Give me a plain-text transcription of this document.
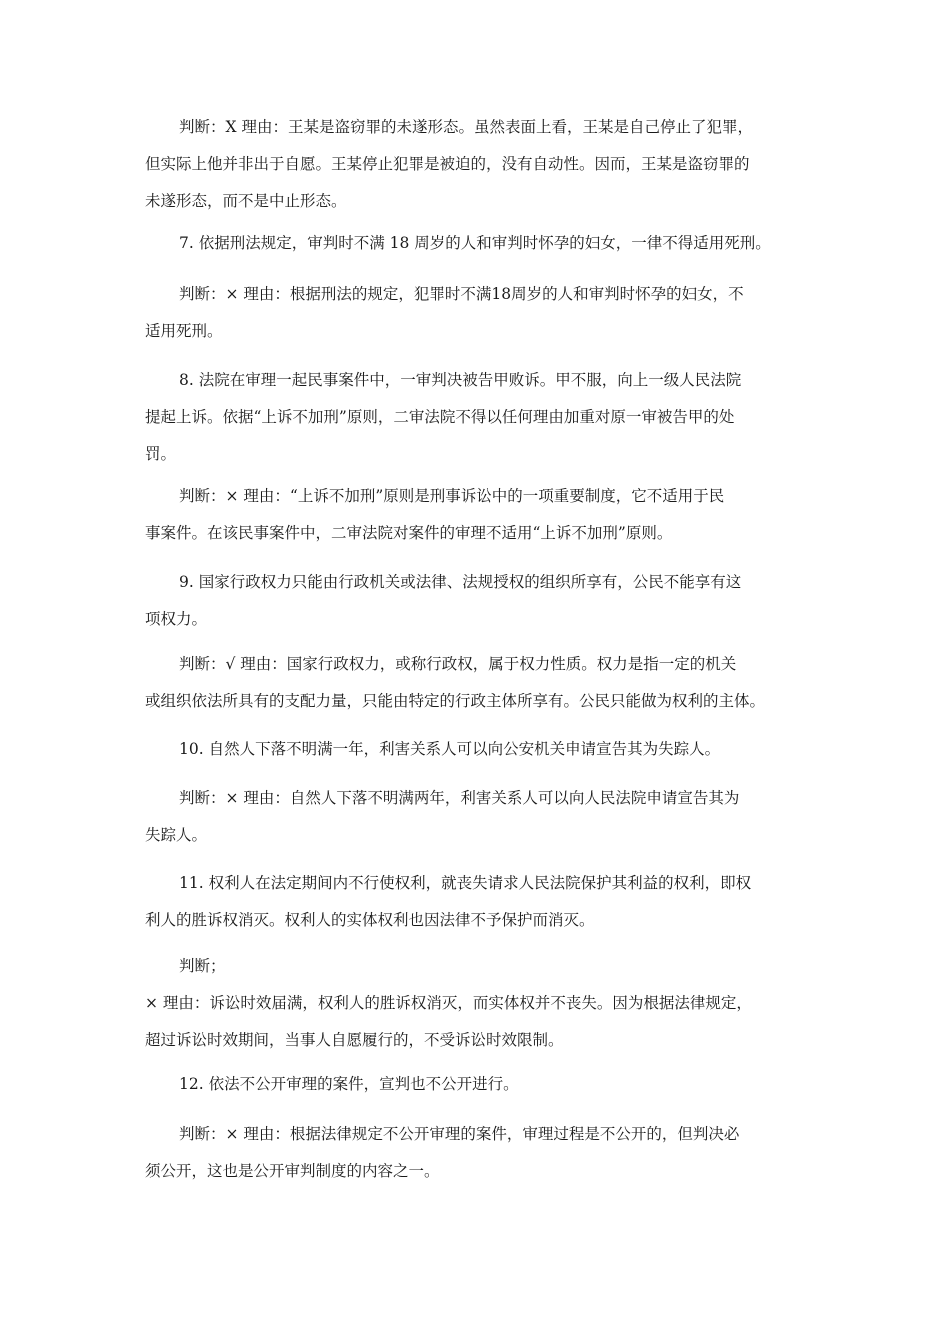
判断：X 理由：王某是盗窃罪的未遂形态。虽然表面上看，王某是自己停止了犯罪，
但实际上他并非出于自愿。王某停止犯罪是被迫的，没有自动性。因而，王某是盗窃罪的
未遂形态，而不是中止形态。
7. 依据刑法规定，审判时不满 18 周岁的人和审判时怀孕的妇女，一律不得适用死刑。
判断：× 理由：根据刑法的规定，犯罪时不满18周岁的人和审判时怀孕的妇女，不
适用死刑。
8. 法院在审理一起民事案件中，一审判决被告甲败诉。甲不服，向上一级人民法院
提起上诉。依据“上诉不加刑”原则，二审法院不得以任何理由加重对原一审被告甲的处
罚。
判断：× 理由：“上诉不加刑”原则是刑事诉讼中的一项重要制度，它不适用于民
事案件。在该民事案件中，二审法院对案件的审理不适用“上诉不加刑”原则。
9. 国家行政权力只能由行政机关或法律、法规授权的组织所享有，公民不能享有这
项权力。
判断：√ 理由：国家行政权力，或称行政权，属于权力性质。权力是指一定的机关
或组织依法所具有的支配力量，只能由特定的行政主体所享有。公民只能做为权利的主体。
10. 自然人下落不明满一年，利害关系人可以向公安机关申请宣告其为失踪人。
判断：× 理由：自然人下落不明满两年，利害关系人可以向人民法院申请宣告其为
失踪人。
11. 权利人在法定期间内不行使权利，就丧失请求人民法院保护其利益的权利，即权
利人的胜诉权消灭。权利人的实体权利也因法律不予保护而消灭。
判断；
× 理由：诉讼时效届满，权利人的胜诉权消灭，而实体权并不丧失。因为根据法律规定，
超过诉讼时效期间，当事人自愿履行的，不受诉讼时效限制。
12. 依法不公开审理的案件，宣判也不公开进行。
判断：× 理由：根据法律规定不公开审理的案件，审理过程是不公开的，但判决必
须公开，这也是公开审判制度的内容之一。
